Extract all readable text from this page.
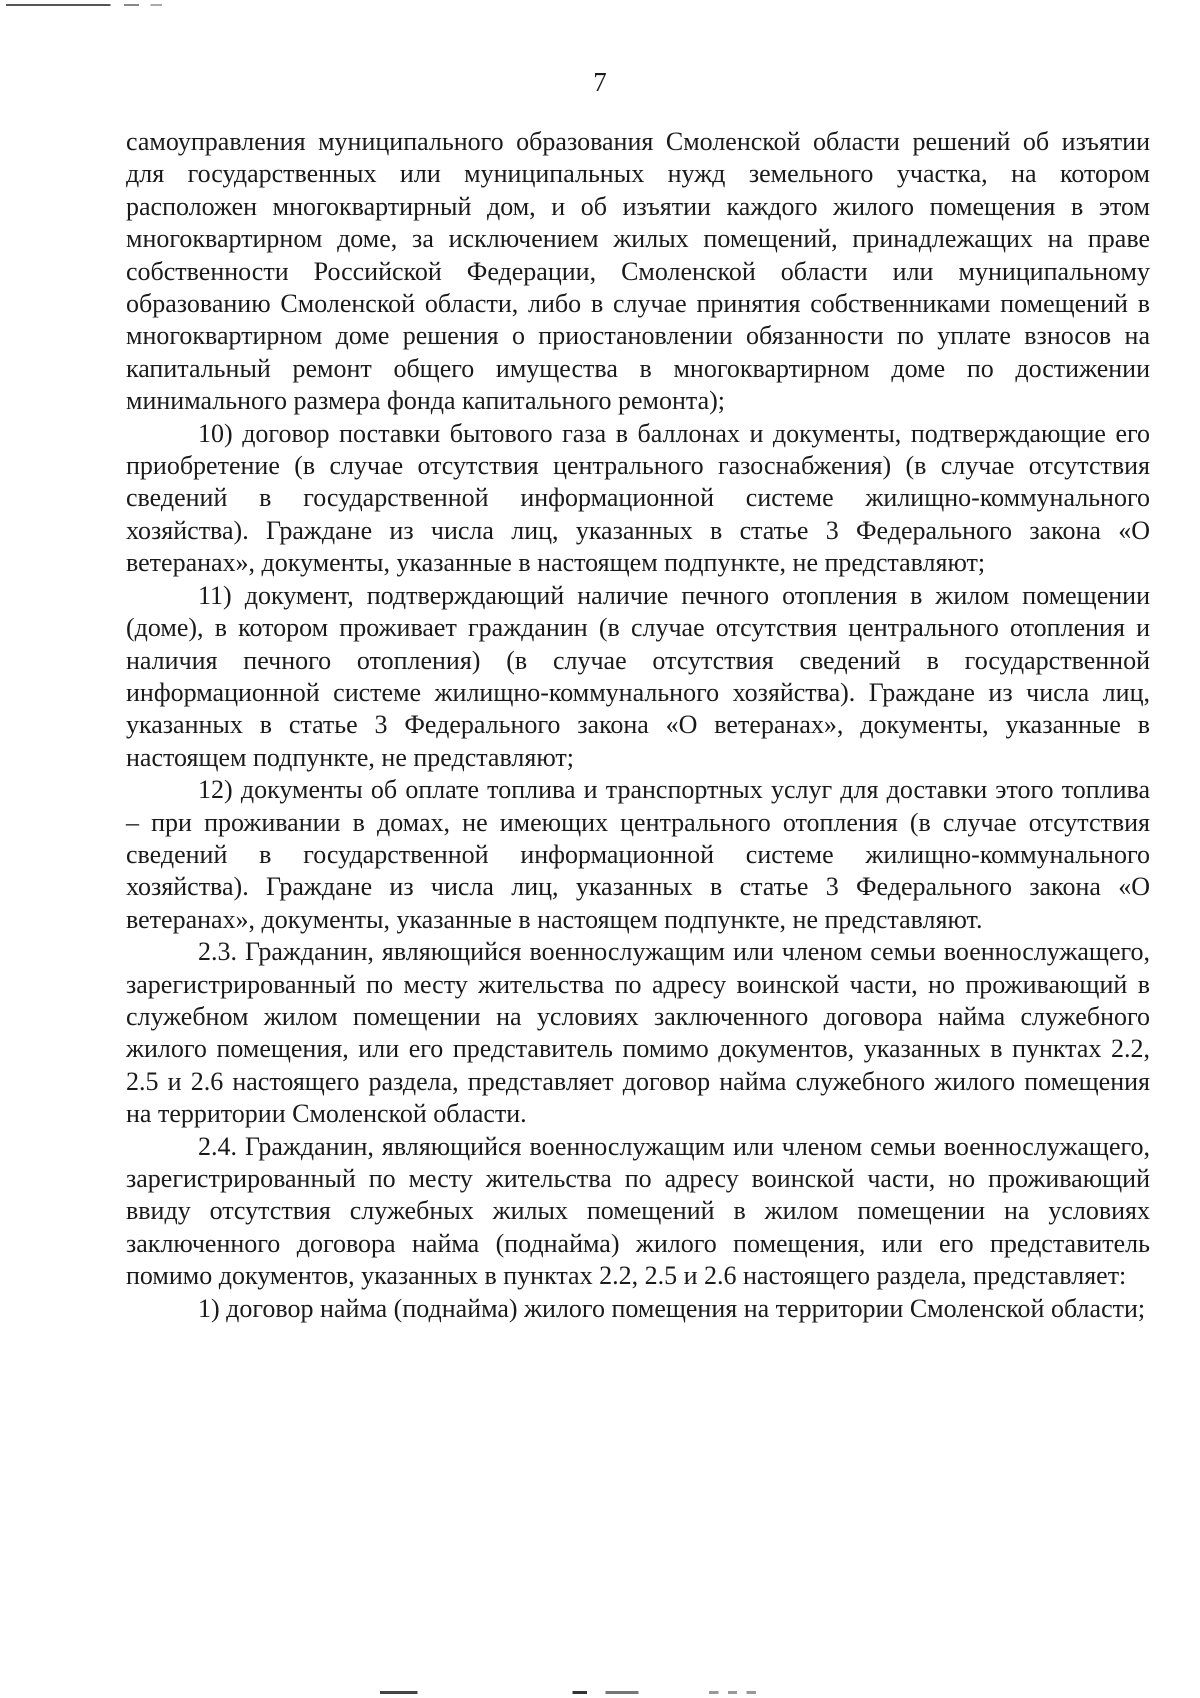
7

самоуправления муниципального образования Смоленской области решений об изъятии для государственных или муниципальных нужд земельного участка, на котором расположен многоквартирный дом, и об изъятии каждого жилого помещения в этом многоквартирном доме, за исключением жилых помещений, принадлежащих на праве собственности Российской Федерации, Смоленской области или муниципальному образованию Смоленской области, либо в случае принятия собственниками помещений в многоквартирном доме решения о приостановлении обязанности по уплате взносов на капитальный ремонт общего имущества в многоквартирном доме по достижении минимального размера фонда капитального ремонта);

10) договор поставки бытового газа в баллонах и документы, подтверждающие его приобретение (в случае отсутствия центрального газоснабжения) (в случае отсутствия сведений в государственной информационной системе жилищно-коммунального хозяйства). Граждане из числа лиц, указанных в статье 3 Федерального закона «О ветеранах», документы, указанные в настоящем подпункте, не представляют;

11) документ, подтверждающий наличие печного отопления в жилом помещении (доме), в котором проживает гражданин (в случае отсутствия центрального отопления и наличия печного отопления) (в случае отсутствия сведений в государственной информационной системе жилищно-коммунального хозяйства). Граждане из числа лиц, указанных в статье 3 Федерального закона «О ветеранах», документы, указанные в настоящем подпункте, не представляют;

12) документы об оплате топлива и транспортных услуг для доставки этого топлива – при проживании в домах, не имеющих центрального отопления (в случае отсутствия сведений в государственной информационной системе жилищно-коммунального хозяйства). Граждане из числа лиц, указанных в статье 3 Федерального закона «О ветеранах», документы, указанные в настоящем подпункте, не представляют.

2.3. Гражданин, являющийся военнослужащим или членом семьи военнослужащего, зарегистрированный по месту жительства по адресу воинской части, но проживающий в служебном жилом помещении на условиях заключенного договора найма служебного жилого помещения, или его представитель помимо документов, указанных в пунктах 2.2, 2.5 и 2.6 настоящего раздела, представляет договор найма служебного жилого помещения на территории Смоленской области.

2.4. Гражданин, являющийся военнослужащим или членом семьи военнослужащего, зарегистрированный по месту жительства по адресу воинской части, но проживающий ввиду отсутствия служебных жилых помещений в жилом помещении на условиях заключенного договора найма (поднайма) жилого помещения, или его представитель помимо документов, указанных в пунктах 2.2, 2.5 и 2.6 настоящего раздела, представляет:

1) договор найма (поднайма) жилого помещения на территории Смоленской области;
